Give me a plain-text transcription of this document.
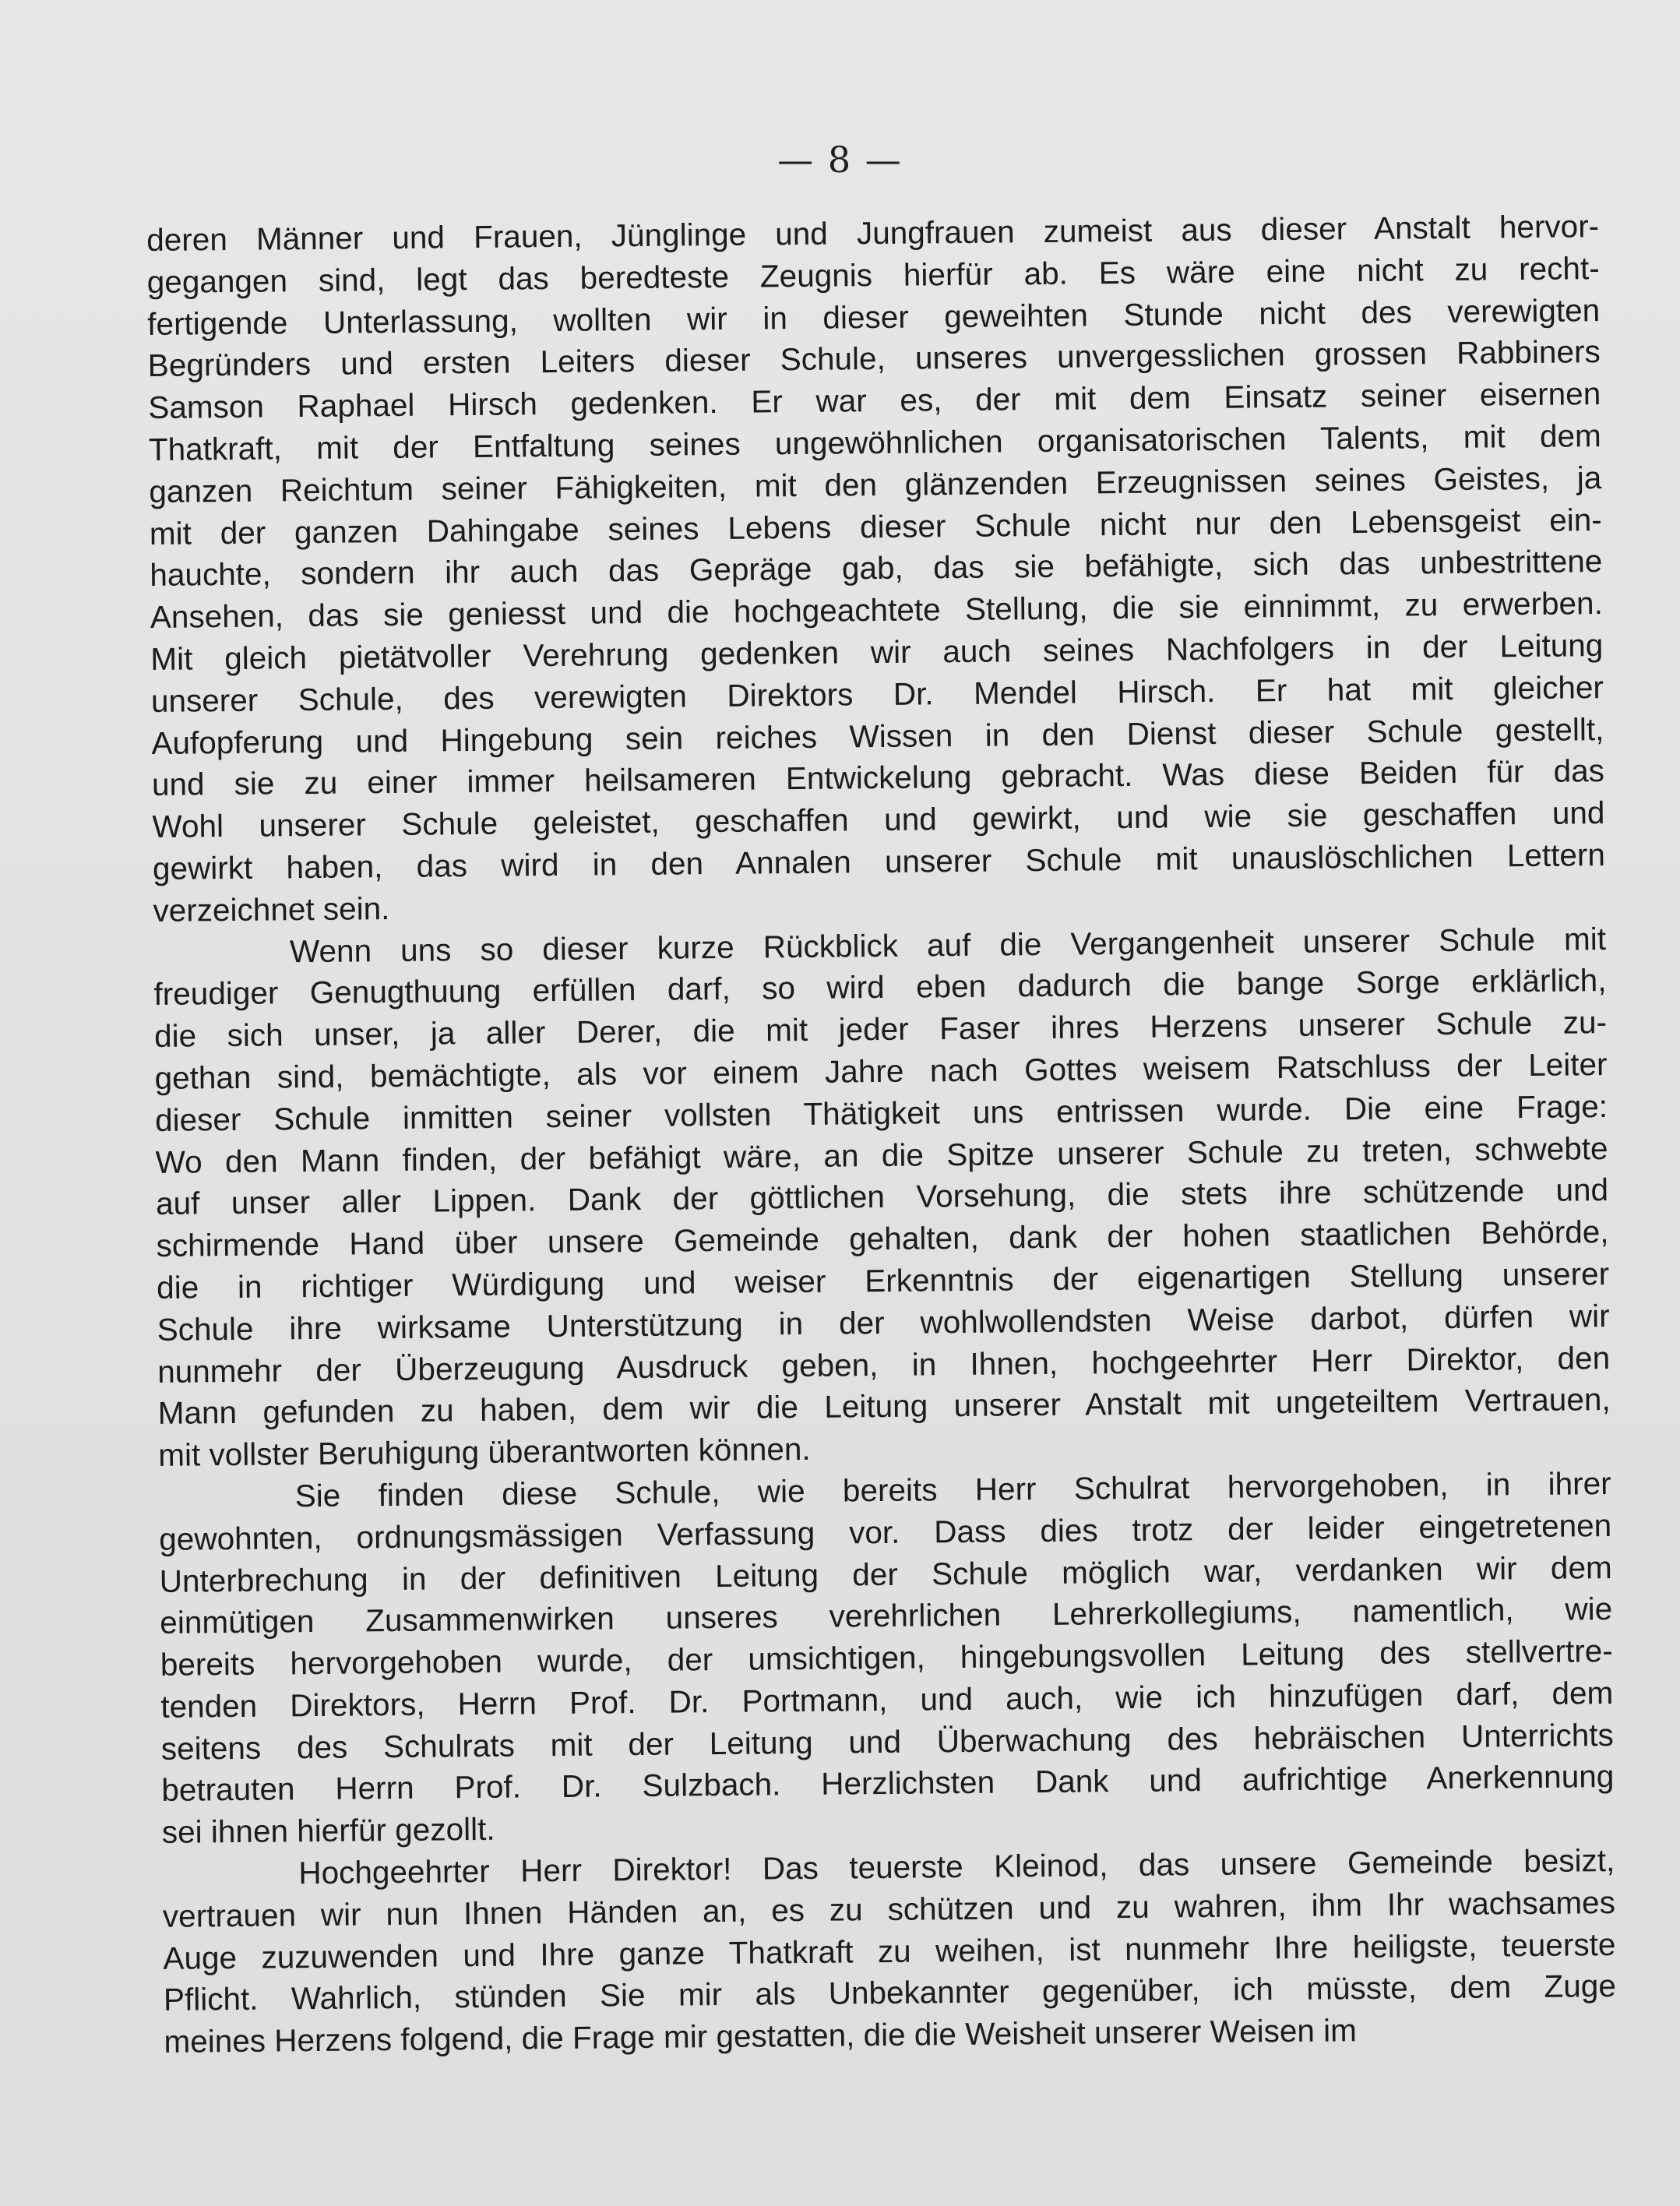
— 8 —
deren Männer und Frauen, Jünglinge und Jungfrauen zumeist aus dieser Anstalt hervor-
gegangen sind, legt das beredteste Zeugnis hierfür ab. Es wäre eine nicht zu recht-
fertigende Unterlassung, wollten wir in dieser geweihten Stunde nicht des verewigten
Begründers und ersten Leiters dieser Schule, unseres unvergesslichen grossen Rabbiners
Samson Raphael Hirsch gedenken. Er war es, der mit dem Einsatz seiner eisernen
Thatkraft, mit der Entfaltung seines ungewöhnlichen organisatorischen Talents, mit dem
ganzen Reichtum seiner Fähigkeiten, mit den glänzenden Erzeugnissen seines Geistes, ja
mit der ganzen Dahingabe seines Lebens dieser Schule nicht nur den Lebensgeist ein-
hauchte, sondern ihr auch das Gepräge gab, das sie befähigte, sich das unbestrittene
Ansehen, das sie geniesst und die hochgeachtete Stellung, die sie einnimmt, zu erwerben.
Mit gleich pietätvoller Verehrung gedenken wir auch seines Nachfolgers in der Leitung
unserer Schule, des verewigten Direktors Dr. Mendel Hirsch. Er hat mit gleicher
Aufopferung und Hingebung sein reiches Wissen in den Dienst dieser Schule gestellt,
und sie zu einer immer heilsameren Entwickelung gebracht. Was diese Beiden für das
Wohl unserer Schule geleistet, geschaffen und gewirkt, und wie sie geschaffen und
gewirkt haben, das wird in den Annalen unserer Schule mit unauslöschlichen Lettern
verzeichnet sein.
Wenn uns so dieser kurze Rückblick auf die Vergangenheit unserer Schule mit
freudiger Genugthuung erfüllen darf, so wird eben dadurch die bange Sorge erklärlich,
die sich unser, ja aller Derer, die mit jeder Faser ihres Herzens unserer Schule zu-
gethan sind, bemächtigte, als vor einem Jahre nach Gottes weisem Ratschluss der Leiter
dieser Schule inmitten seiner vollsten Thätigkeit uns entrissen wurde. Die eine Frage:
Wo den Mann finden, der befähigt wäre, an die Spitze unserer Schule zu treten, schwebte
auf unser aller Lippen. Dank der göttlichen Vorsehung, die stets ihre schützende und
schirmende Hand über unsere Gemeinde gehalten, dank der hohen staatlichen Behörde,
die in richtiger Würdigung und weiser Erkenntnis der eigenartigen Stellung unserer
Schule ihre wirksame Unterstützung in der wohlwollendsten Weise darbot, dürfen wir
nunmehr der Überzeugung Ausdruck geben, in Ihnen, hochgeehrter Herr Direktor, den
Mann gefunden zu haben, dem wir die Leitung unserer Anstalt mit ungeteiltem Vertrauen,
mit vollster Beruhigung überantworten können.
Sie finden diese Schule, wie bereits Herr Schulrat hervorgehoben, in ihrer
gewohnten, ordnungsmässigen Verfassung vor. Dass dies trotz der leider eingetretenen
Unterbrechung in der definitiven Leitung der Schule möglich war, verdanken wir dem
einmütigen Zusammenwirken unseres verehrlichen Lehrerkollegiums, namentlich, wie
bereits hervorgehoben wurde, der umsichtigen, hingebungsvollen Leitung des stellvertre-
tenden Direktors, Herrn Prof. Dr. Portmann, und auch, wie ich hinzufügen darf, dem
seitens des Schulrats mit der Leitung und Überwachung des hebräischen Unterrichts
betrauten Herrn Prof. Dr. Sulzbach. Herzlichsten Dank und aufrichtige Anerkennung
sei ihnen hierfür gezollt.
Hochgeehrter Herr Direktor! Das teuerste Kleinod, das unsere Gemeinde besizt,
vertrauen wir nun Ihnen Händen an, es zu schützen und zu wahren, ihm Ihr wachsames
Auge zuzuwenden und Ihre ganze Thatkraft zu weihen, ist nunmehr Ihre heiligste, teuerste
Pflicht. Wahrlich, stünden Sie mir als Unbekannter gegenüber, ich müsste, dem Zuge
meines Herzens folgend, die Frage mir gestatten, die die Weisheit unserer Weisen im
